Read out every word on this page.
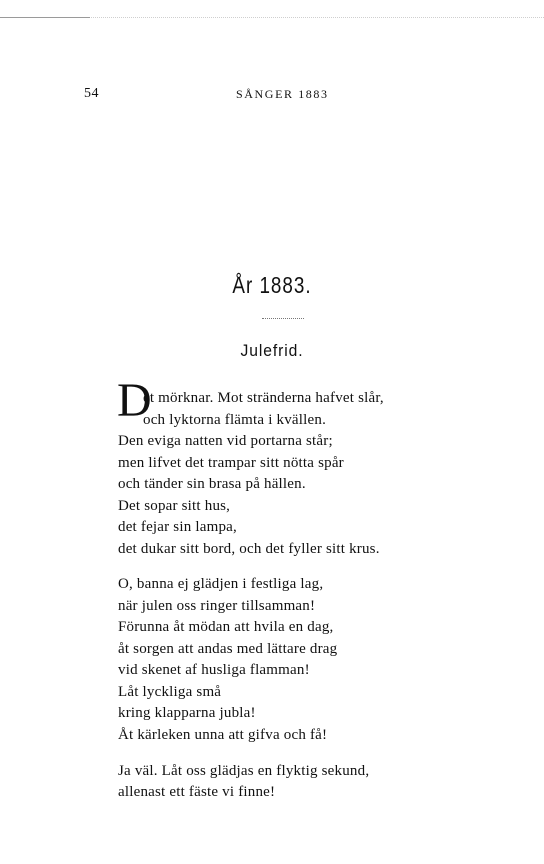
54	SÅNGER 1883
År 1883.
Julefrid.
D
et mörknar. Mot stränderna hafvet slår,
och lyktorna flämta i kvällen.
Den eviga natten vid portarna står;
men lifvet det trampar sitt nötta spår
och tänder sin brasa på hällen.
Det sopar sitt hus,
det fejar sin lampa,
det dukar sitt bord, och det fyller sitt krus.
O, banna ej glädjen i festliga lag,
när julen oss ringer tillsamman!
Förunna åt mödan att hvila en dag,
åt sorgen att andas med lättare drag
vid skenet af husliga flamman!
Låt lyckliga små
kring klapparna jubla!
Åt kärleken unna att gifva och få!
Ja väl. Låt oss glädjas en flyktig sekund,
allenast ett fäste vi finne!
